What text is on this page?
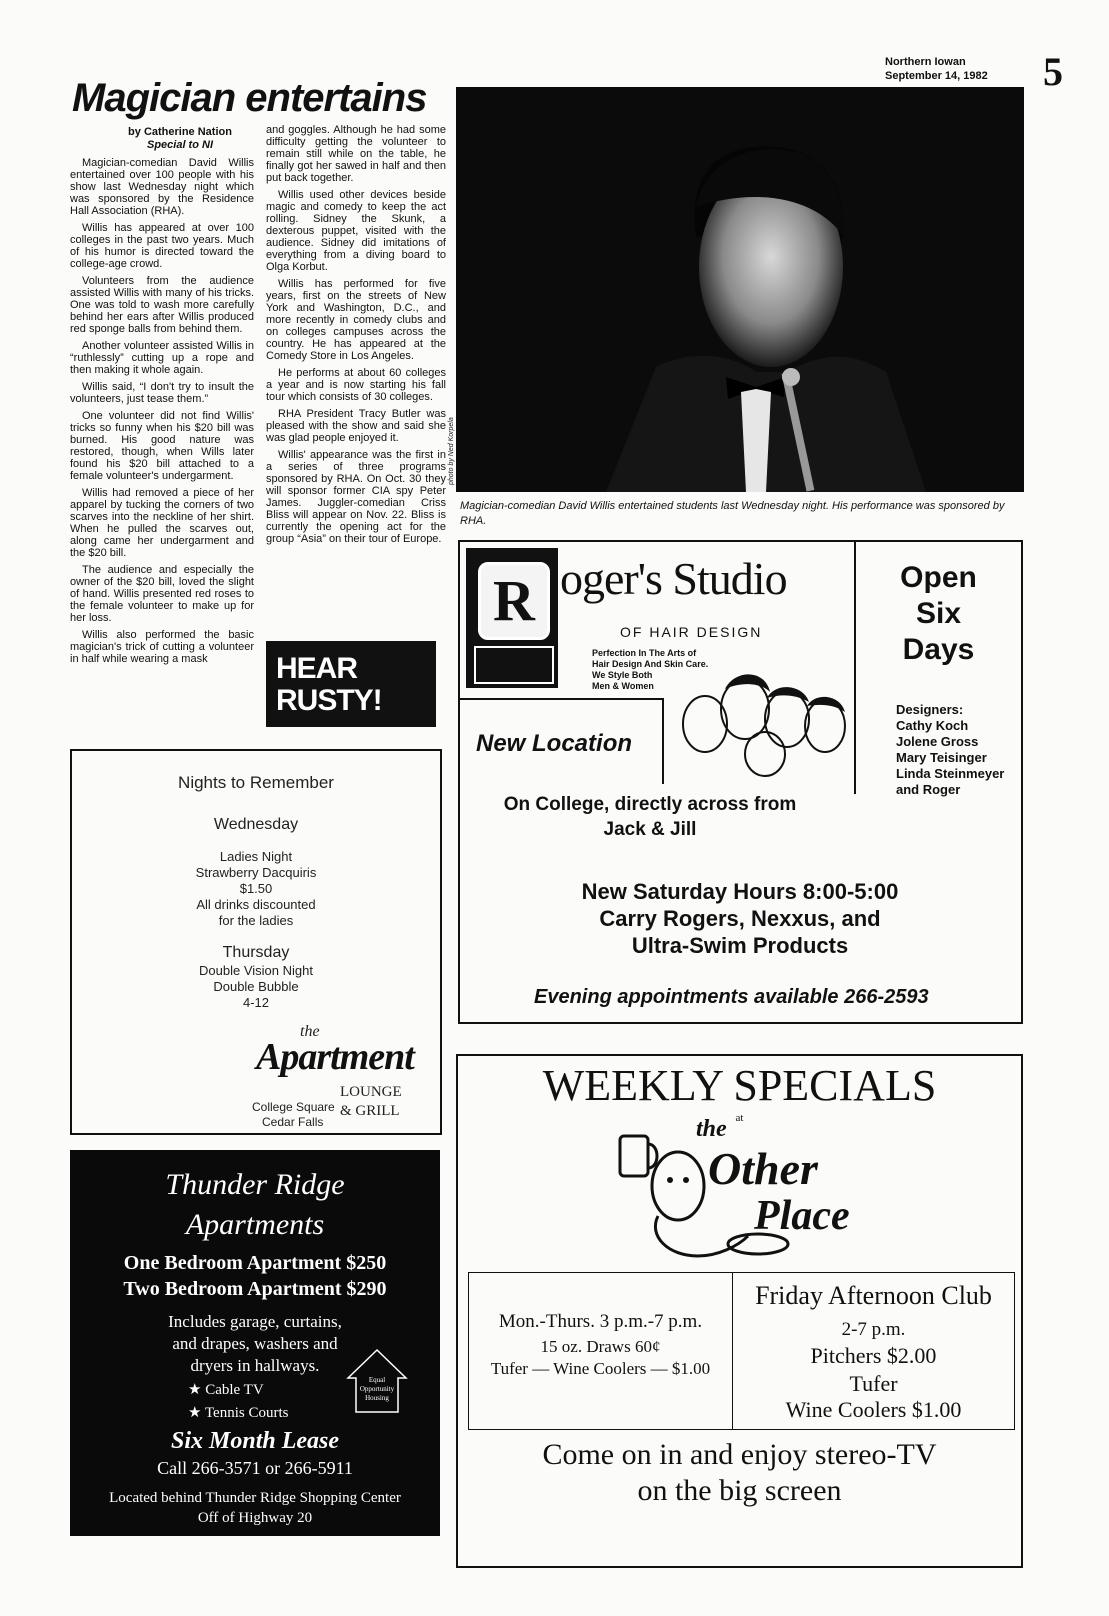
Northern Iowan
September 14, 1982 5
Magician entertains
by Catherine Nation
Special to NI

Magician-comedian David Willis entertained over 100 people with his show last Wednesday night which was sponsored by the Residence Hall Association (RHA).

Willis has appeared at over 100 colleges in the past two years. Much of his humor is directed toward the college-age crowd.

Volunteers from the audience assisted Willis with many of his tricks. One was told to wash more carefully behind her ears after Willis produced red sponge balls from behind them.

Another volunteer assisted Willis in “ruthlessly” cutting up a rope and then making it whole again.

Willis said, “I don't try to insult the volunteers, just tease them.”

One volunteer did not find Willis' tricks so funny when his $20 bill was burned. His good nature was restored, though, when Wills later found his $20 bill attached to a female volunteer's undergarment.

Willis had removed a piece of her apparel by tucking the corners of two scarves into the neckline of her shirt. When he pulled the scarves out, along came her undergarment and the $20 bill.

The audience and especially the owner of the $20 bill, loved the slight of hand. Willis presented red roses to the female volunteer to make up for her loss.

Willis also performed the basic magician's trick of cutting a volunteer in half while wearing a mask

and goggles. Although he had some difficulty getting the volunteer to remain still while on the table, he finally got her sawed in half and then put back together.

Willis used other devices beside magic and comedy to keep the act rolling. Sidney the Skunk, a dexterous puppet, visited with the audience. Sidney did imitations of everything from a diving board to Olga Korbut.

Willis has performed for five years, first on the streets of New York and Washington, D.C., and more recently in comedy clubs and on colleges campuses across the country. He has appeared at the Comedy Store in Los Angeles.

He performs at about 60 colleges a year and is now starting his fall tour which consists of 30 colleges.

RHA President Tracy Butler was pleased with the show and said she was glad people enjoyed it.

Willis' appearance was the first in a series of three programs sponsored by RHA. On Oct. 30 they will sponsor former CIA spy Peter James. Juggler-comedian Criss Bliss will appear on Nov. 22. Bliss is currently the opening act for the group “Asia” on their tour of Europe.

photo by Ned Korpela
Magician-comedian David Willis entertained students last Wednesday night. His performance was sponsored by RHA.
HEAR
RUSTY!
Nights to Remember
Wednesday
Ladies Night
Strawberry Dacquiris
$1.50
All drinks discounted
for the ladies
Thursday
Double Vision Night
Double Bubble
4-12
the
Apartment
LOUNGE
& GRILL
College Square
Cedar Falls
R oger's Studio
OF HAIR DESIGN
Perfection In The Arts of
Hair Design And Skin Care.
We Style Both
Men & Women
New Location
Open
Six
Days
Designers:
Cathy Koch
Jolene Gross
Mary Teisinger
Linda Steinmeyer
and Roger
On College, directly across from
Jack & Jill
New Saturday Hours 8:00-5:00
Carry Rogers, Nexxus, and
Ultra-Swim Products
Evening appointments available 266-2593
WEEKLY SPECIALS
at
the
Other
Place
Mon.-Thurs. 3 p.m.-7 p.m.
15 oz. Draws 60¢
Tufer — Wine Coolers — $1.00
Friday Afternoon Club
2-7 p.m.
Pitchers $2.00
Tufer
Wine Coolers $1.00
Come on in and enjoy stereo-TV
on the big screen
Thunder Ridge
Apartments
One Bedroom Apartment $250
Two Bedroom Apartment $290
Includes garage, curtains,
and drapes, washers and
dryers in hallways.
★ Cable TV
★ Tennis Courts
Equal
Opportunity
Housing
Six Month Lease
Call 266-3571 or 266-5911
Located behind Thunder Ridge Shopping Center
Off of Highway 20
